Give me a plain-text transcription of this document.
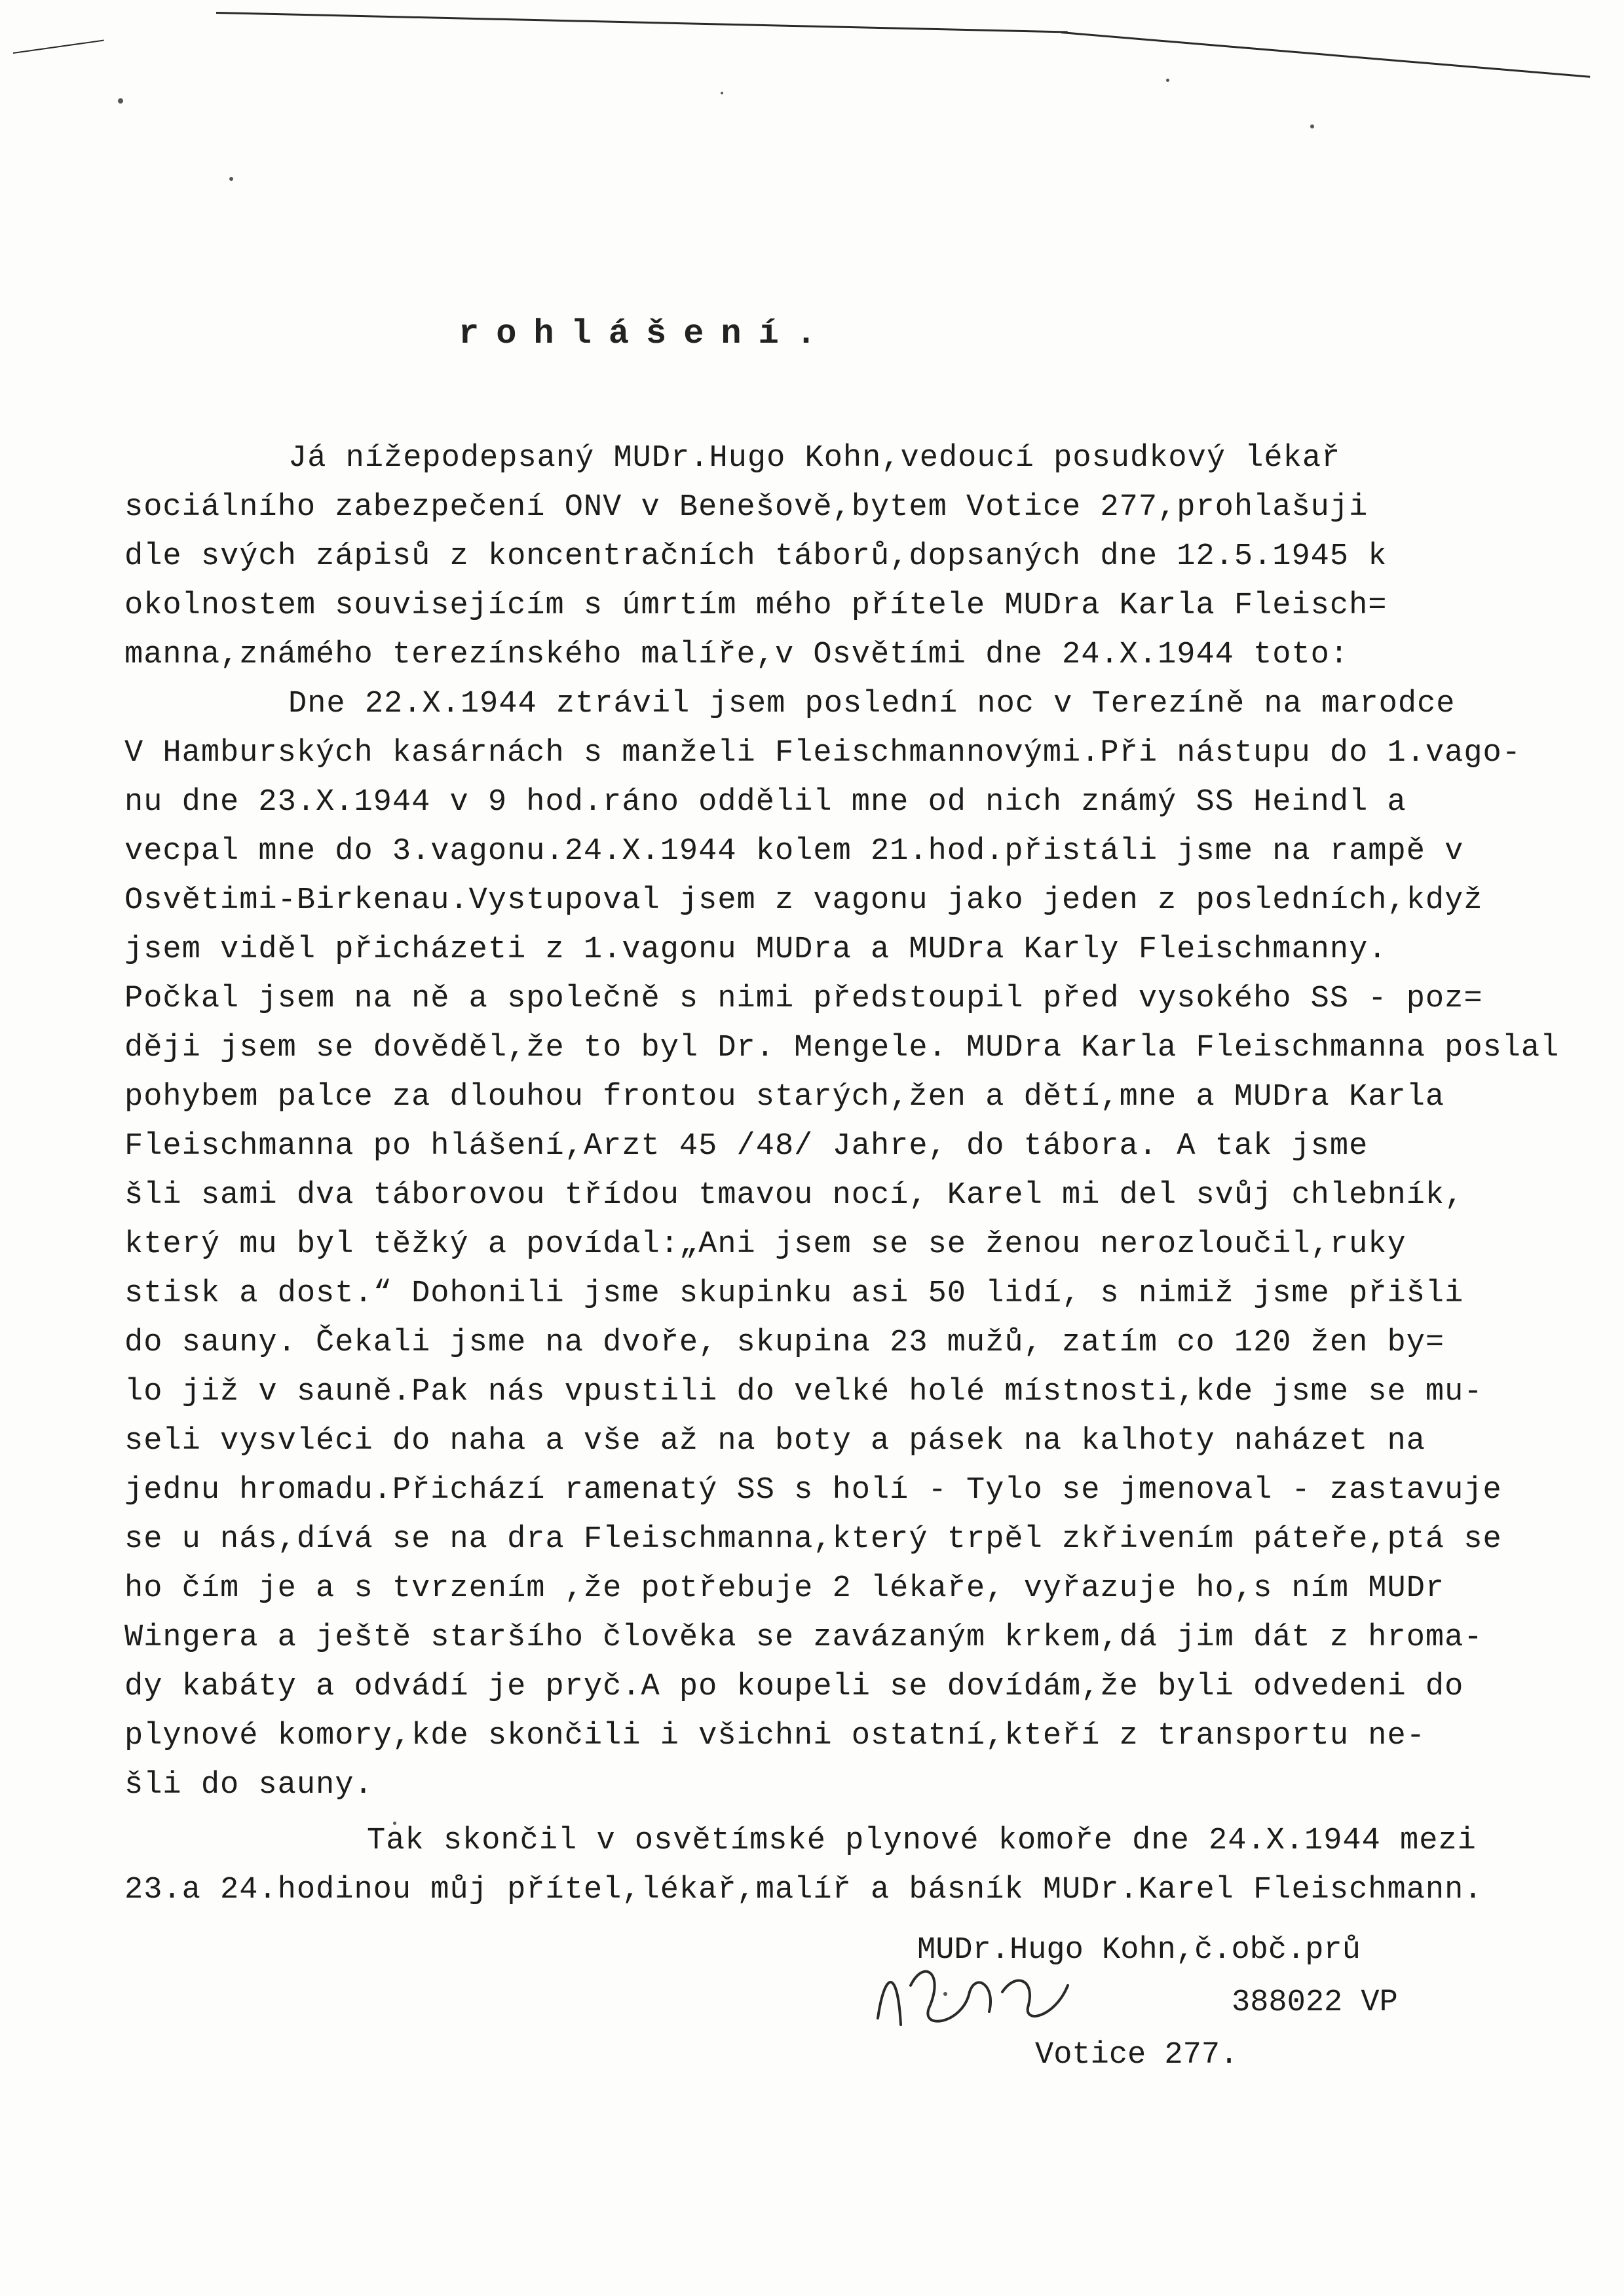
rohlášení.
Já nížepodepsaný MUDr.Hugo Kohn,vedoucí posudkový lékař
sociálního zabezpečení ONV v Benešově,bytem Votice 277,prohlašuji
dle svých zápisů z koncentračních táborů,dopsaných dne 12.5.1945 k
okolnostem souvisejícím s úmrtím mého přítele MUDra Karla Fleisch=
manna,známého terezínského malíře,v Osvětími dne 24.X.1944 toto:
Dne 22.X.1944 ztrávil jsem poslední noc v Terezíně na marodce
V Hamburských kasárnách s manželi Fleischmannovými.Při nástupu do 1.vago-
nu dne 23.X.1944 v 9 hod.ráno oddělil mne od nich známý SS Heindl a
vecpal mne do 3.vagonu.24.X.1944 kolem 21.hod.přistáli jsme na rampě v
Osvětimi-Birkenau.Vystupoval jsem z vagonu jako jeden z posledních,když
jsem viděl přicházeti z 1.vagonu MUDra a MUDra Karly Fleischmanny.
Počkal jsem na ně a společně s nimi předstoupil před vysokého SS - poz=
ději jsem se dověděl,že to byl Dr. Mengele. MUDra Karla Fleischmanna poslal
pohybem palce za dlouhou frontou starých,žen a dětí,mne a MUDra Karla
Fleischmanna po hlášení,Arzt 45 /48/ Jahre, do tábora. A tak jsme
šli sami dva táborovou třídou tmavou nocí, Karel mi del svůj chlebník,
který mu byl těžký a povídal:„Ani jsem se se ženou nerozloučil,ruky
stisk a dost.“ Dohonili jsme skupinku asi 50 lidí, s nimiž jsme přišli
do sauny. Čekali jsme na dvoře, skupina 23 mužů, zatím co 120 žen by=
lo již v sauně.Pak nás vpustili do velké holé místnosti,kde jsme se mu-
seli vysvléci do naha a vše až na boty a pásek na kalhoty naházet na
jednu hromadu.Přichází ramenatý SS s holí - Tylo se jmenoval - zastavuje
se u nás,dívá se na dra Fleischmanna,který trpěl zkřivením páteře,ptá se
ho čím je a s tvrzením ,že potřebuje 2 lékaře, vyřazuje ho,s ním MUDr
Wingera a ještě staršího člověka se zavázaným krkem,dá jim dát z hroma-
dy kabáty a odvádí je pryč.A po koupeli se dovídám,že byli odvedeni do
plynové komory,kde skončili i všichni ostatní,kteří z transportu ne-
šli do sauny.
Tak skončil v osvětímské plynové komoře dne 24.X.1944 mezi
23.a 24.hodinou můj přítel,lékař,malíř a básník MUDr.Karel Fleischmann.
MUDr.Hugo Kohn,č.obč.prů
388022 VP
Votice 277.
